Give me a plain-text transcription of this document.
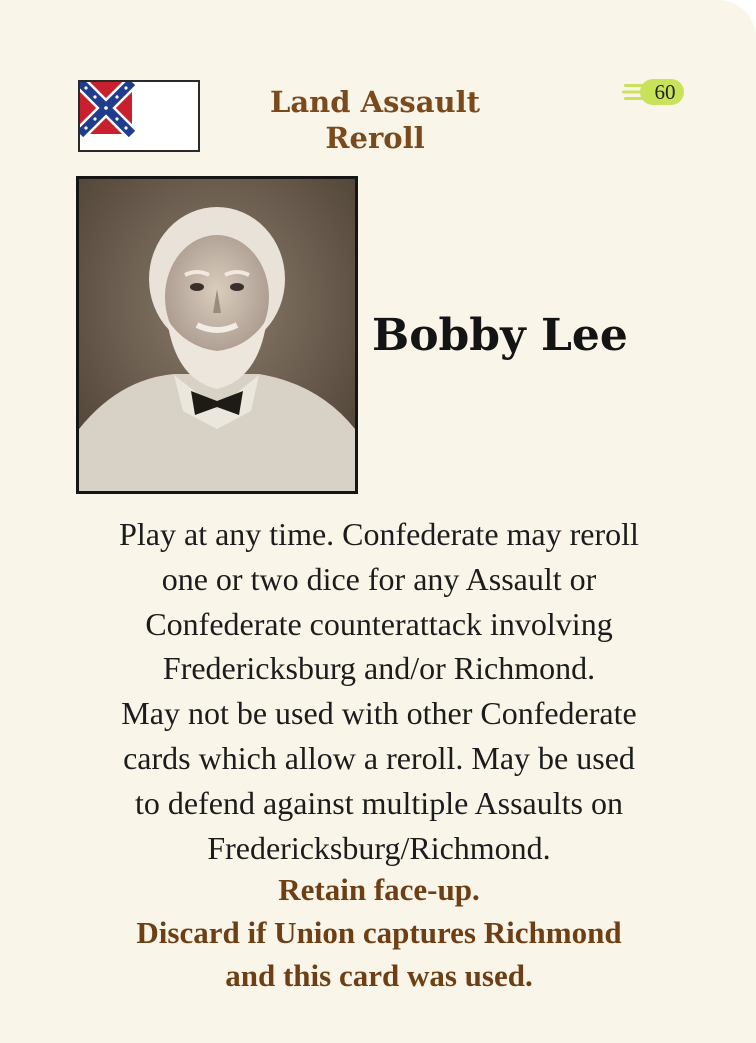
Land Assault
Reroll
60
Bobby Lee
Play at any time. Confederate may reroll
one or two dice for any Assault or
Confederate counterattack involving
Fredericksburg and/or Richmond.
May not be used with other Confederate
cards which allow a reroll. May be used
to defend against multiple Assaults on
Fredericksburg/Richmond.
Retain face-up.
Discard if Union captures Richmond
and this card was used.
